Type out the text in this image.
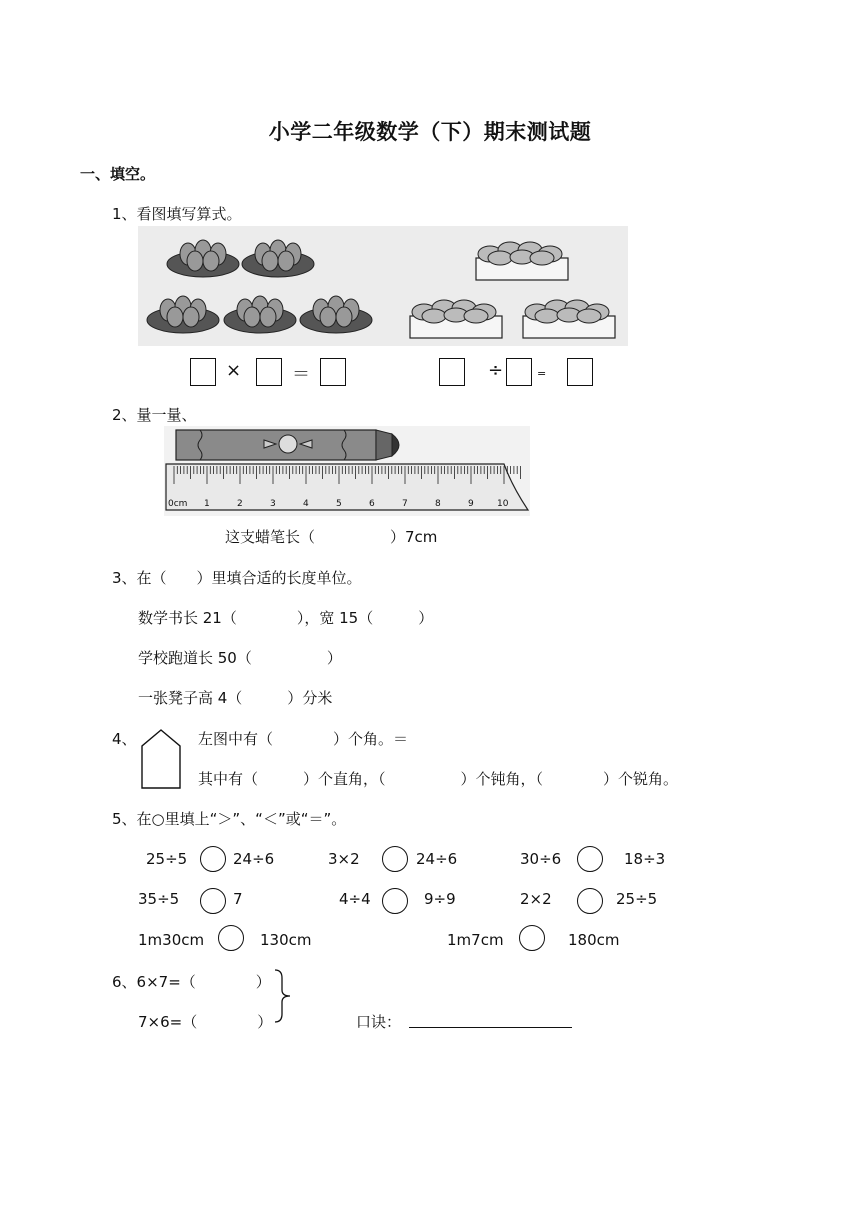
小学二年级数学（下）期末测试题
一、填空。
1、看图填写算式。
×	＝	÷	=
2、量一量、
0cm 1	2	3	4	5	6	7	8	9	10
这支蜡笔长（　　　　　）7cm
3、在（　　）里填合适的长度单位。
数学书长 21（　　　　），宽 15（　　　）
学校跑道长 50（　　　　　）
一张凳子高 4（　　　）分米
4、	左图中有（　　　　）个角。＝
其中有（　　　）个直角，（　　　　　）个钝角，（　　　　）个锐角。
5、在○里填上“＞”、“＜”或“＝”。
25÷5	24÷6	3×2	24÷6	30÷6	18÷3
35÷5	7	4÷4	9÷9	2×2	25÷5
1m30cm	130cm	1m7cm	180cm
6、6×7=（　　　　）
7×6=（　　　　）	口诀：
